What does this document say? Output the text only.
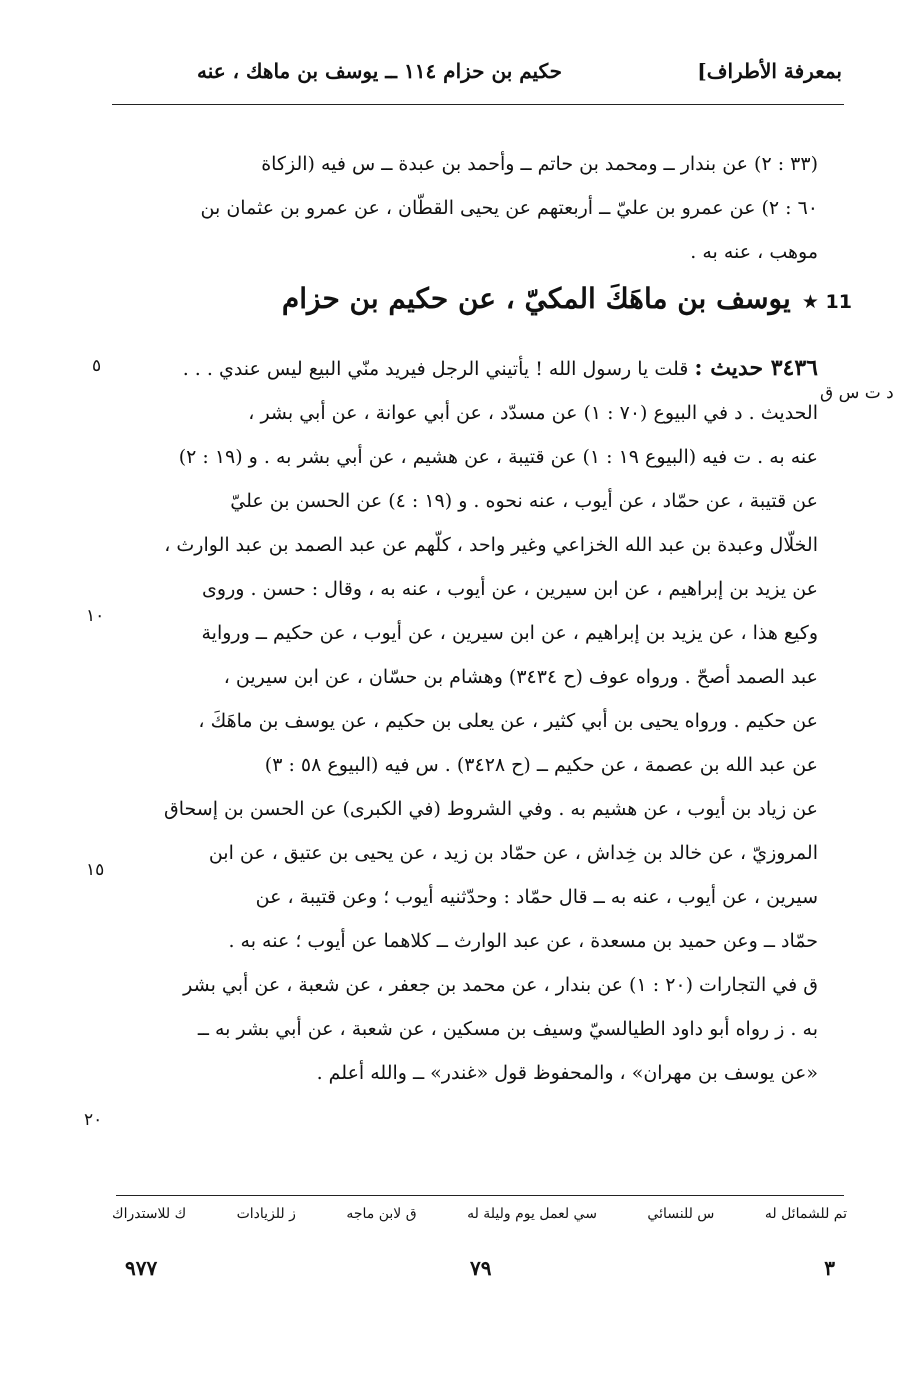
بمعرفة الأطراف]
حكيم بن حزام ١١٤ ــ يوسف بن ماهك ، عنه
(٣٣ : ٢) عن بندار ــ ومحمد بن حاتم ــ وأحمد بن عبدة ــ س فيه (الزكاة
٦٠ : ٢) عن عمرو بن عليّ ــ أربعتهم عن يحيى القطّان ، عن عمرو بن عثمان بن
موهب ، عنه به .
11 ★ يوسف بن ماهَكَ المكيّ ، عن حكيم بن حزام
٣٤٣٦ حديث : قلت يا رسول الله ! يأتيني الرجل فيريد منّي البيع ليس عندي . . .
الحديث . د في البيوع (٧٠ : ١) عن مسدّد ، عن أبي عوانة ، عن أبي بشر ،
عنه به . ت فيه (البيوع ١٩ : ١) عن قتيبة ، عن هشيم ، عن أبي بشر به . و (١٩ : ٢)
عن قتيبة ، عن حمّاد ، عن أيوب ، عنه نحوه . و (١٩ : ٤) عن الحسن بن عليّ
الخلّال وعبدة بن عبد الله الخزاعي وغير واحد ، كلّهم عن عبد الصمد بن عبد الوارث ،
عن يزيد بن إبراهيم ، عن ابن سيرين ، عن أيوب ، عنه به ، وقال : حسن . وروى
وكيع هذا ، عن يزيد بن إبراهيم ، عن ابن سيرين ، عن أيوب ، عن حكيم ــ ورواية
عبد الصمد أصحّ . ورواه عوف (ح ٣٤٣٤) وهشام بن حسّان ، عن ابن سيرين ،
عن حكيم . ورواه يحيى بن أبي كثير ، عن يعلى بن حكيم ، عن يوسف بن ماهَكَ ،
عن عبد الله بن عصمة ، عن حكيم ــ (ح ٣٤٢٨) . س فيه (البيوع ٥٨ : ٣)
عن زياد بن أيوب ، عن هشيم به . وفي الشروط (في الكبرى) عن الحسن بن إسحاق
المروزيّ ، عن خالد بن خِداش ، عن حمّاد بن زيد ، عن يحيى بن عتيق ، عن ابن
سيرين ، عن أيوب ، عنه به ــ قال حمّاد : وحدّثنيه أيوب ؛ وعن قتيبة ، عن
حمّاد ــ وعن حميد بن مسعدة ، عن عبد الوارث ــ كلاهما عن أيوب ؛ عنه به .
ق في التجارات (٢٠ : ١) عن بندار ، عن محمد بن جعفر ، عن شعبة ، عن أبي بشر
به . ز رواه أبو داود الطيالسيّ وسيف بن مسكين ، عن شعبة ، عن أبي بشر به ــ
«عن يوسف بن مهران» ، والمحفوظ قول «غندر» ــ والله أعلم .
٥
د ت س ق
١٠
١٥
٢٠
تم للشمائل له
س للنسائي
سي لعمل يوم وليلة له
ق لابن ماجه
ز للزيادات
ك للاستدراك
٣
٧٩
٩٧٧
